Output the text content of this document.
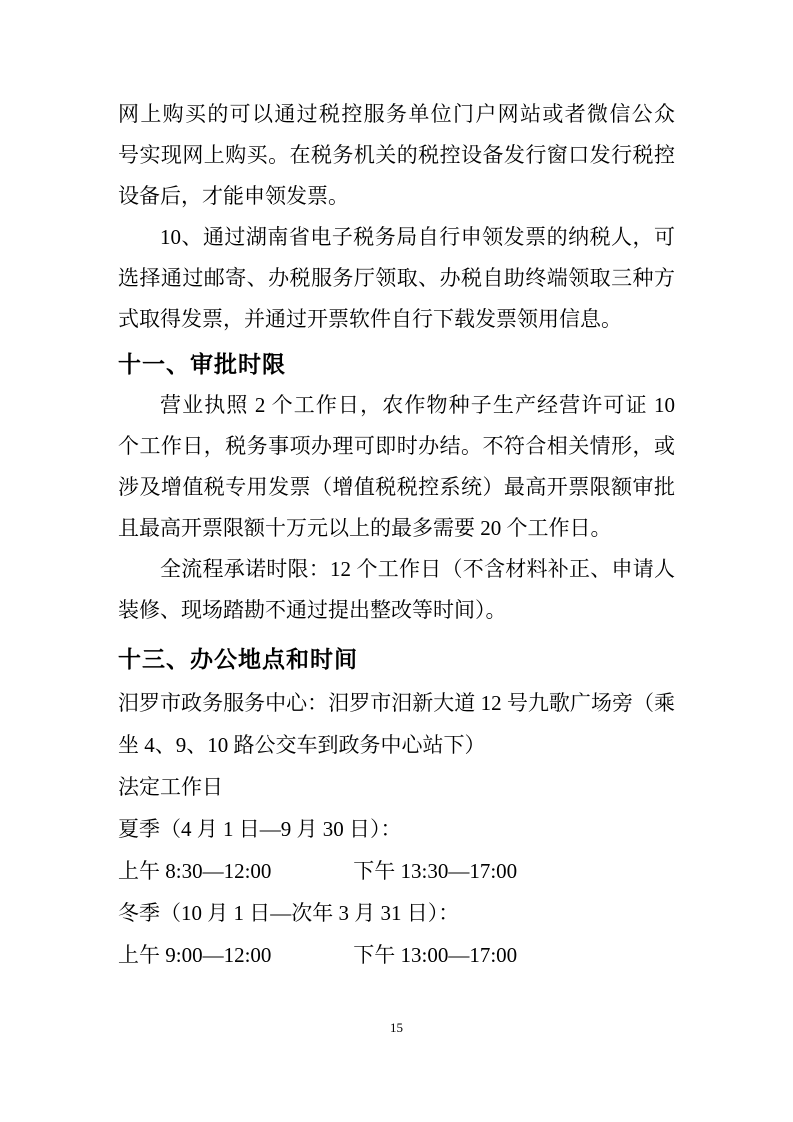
网上购买的可以通过税控服务单位门户网站或者微信公众
号实现网上购买。在税务机关的税控设备发行窗口发行税控
设备后，才能申领发票。
10、通过湖南省电子税务局自行申领发票的纳税人，可
选择通过邮寄、办税服务厅领取、办税自助终端领取三种方
式取得发票，并通过开票软件自行下载发票领用信息。
十一、审批时限
营业执照 2 个工作日，农作物种子生产经营许可证 10
个工作日，税务事项办理可即时办结。不符合相关情形，或
涉及增值税专用发票（增值税税控系统）最高开票限额审批
且最高开票限额十万元以上的最多需要 20 个工作日。
全流程承诺时限：12 个工作日（不含材料补正、申请人
装修、现场踏勘不通过提出整改等时间）。
十三、办公地点和时间
汨罗市政务服务中心：汨罗市汨新大道 12 号九歌广场旁（乘
坐 4、9、10 路公交车到政务中心站下）
法定工作日
夏季（4 月 1 日—9 月 30 日）：
上午 8:30—12:00	下午 13:30—17:00
冬季（10 月 1 日—次年 3 月 31 日）：
上午 9:00—12:00	下午 13:00—17:00
15
